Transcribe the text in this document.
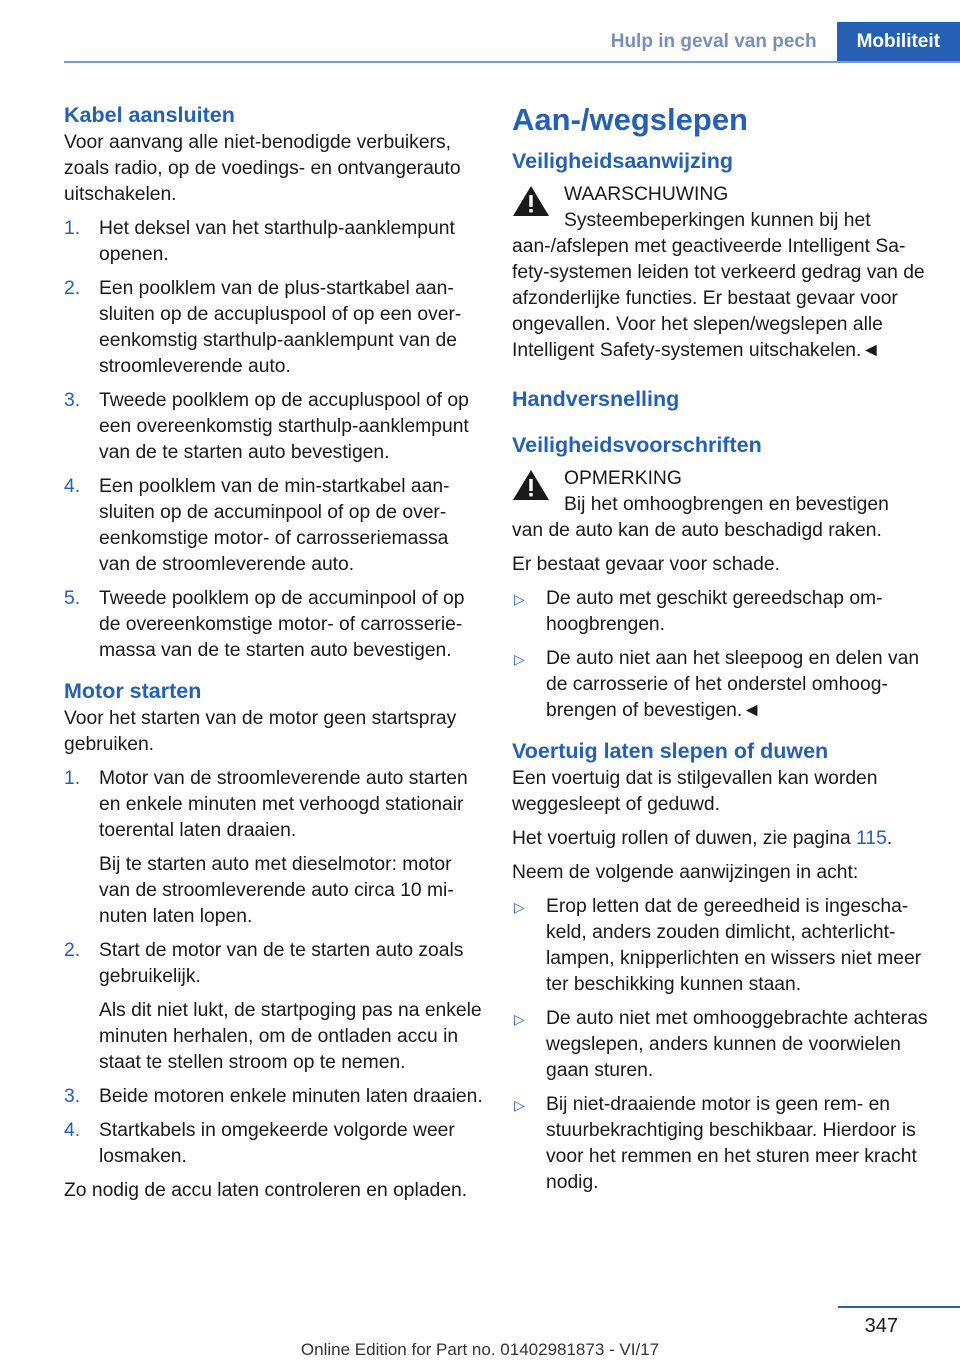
Hulp in geval van pech	Mobiliteit
Kabel aansluiten

Voor aanvang alle niet-benodigde verbuikers, zoals radio, op de voedings- en ontvangerauto uitschakelen.

1. Het deksel van het starthulp-aanklempunt openen.

2. Een poolklem van de plus-startkabel aansluiten op de accupluspool of op een overeenkomstig starthulp-aanklempunt van de stroomleverende auto.

3. Tweede poolklem op de accupluspool of op een overeenkomstig starthulp-aanklempunt van de te starten auto bevestigen.

4. Een poolklem van de min-startkabel aansluiten op de accuminpool of op de overeenkomstige motor- of carrosseriemassa van de stroomleverende auto.

5. Tweede poolklem op de accuminpool of op de overeenkomstige motor- of carrosseriemassa van de te starten auto bevestigen.

Motor starten

Voor het starten van de motor geen startspray gebruiken.

1. Motor van de stroomleverende auto starten en enkele minuten met verhoogd stationair toerental laten draaien.

Bij te starten auto met dieselmotor: motor van de stroomleverende auto circa 10 minuten laten lopen.

2. Start de motor van de te starten auto zoals gebruikelijk.

Als dit niet lukt, de startpoging pas na enkele minuten herhalen, om de ontladen accu in staat te stellen stroom op te nemen.

3. Beide motoren enkele minuten laten draaien.

4. Startkabels in omgekeerde volgorde weer losmaken.

Zo nodig de accu laten controleren en opladen.

Aan-/wegslepen
Veiligheidsaanwijzing
WAARSCHUWING
Systeembeperkingen kunnen bij het

aan-/afslepen met geactiveerde Intelligent Safety-systemen leiden tot verkeerd gedrag van de afzonderlijke functies. Er bestaat gevaar voor ongevallen. Voor het slepen/wegslepen alle Intelligent Safety-systemen uitschakelen.◄

Handversnelling
Veiligheidsvoorschriften
OPMERKING
Bij het omhoogbrengen en bevestigen

van de auto kan de auto beschadigd raken.

Er bestaat gevaar voor schade.

▷	De auto met geschikt gereedschap omhoogbrengen.
▷	De auto niet aan het sleepoog en delen van de carrosserie of het onderstel omhoogbrengen of bevestigen.◄
Voertuig laten slepen of duwen

Een voertuig dat is stilgevallen kan worden weggesleept of geduwd.

Het voertuig rollen of duwen, zie pagina 115.

Neem de volgende aanwijzingen in acht:

▷	Erop letten dat de gereedheid is ingeschakeld, anders zouden dimlicht, achterlichtlampen, knipperlichten en wissers niet meer ter beschikking kunnen staan.
▷	De auto niet met omhooggebrachte achteras wegslepen, anders kunnen de voorwielen gaan sturen.
▷	Bij niet-draaiende motor is geen rem- en stuurbekrachtiging beschikbaar. Hierdoor is voor het remmen en het sturen meer kracht nodig.
347
Online Edition for Part no. 01402981873 - VI/17
